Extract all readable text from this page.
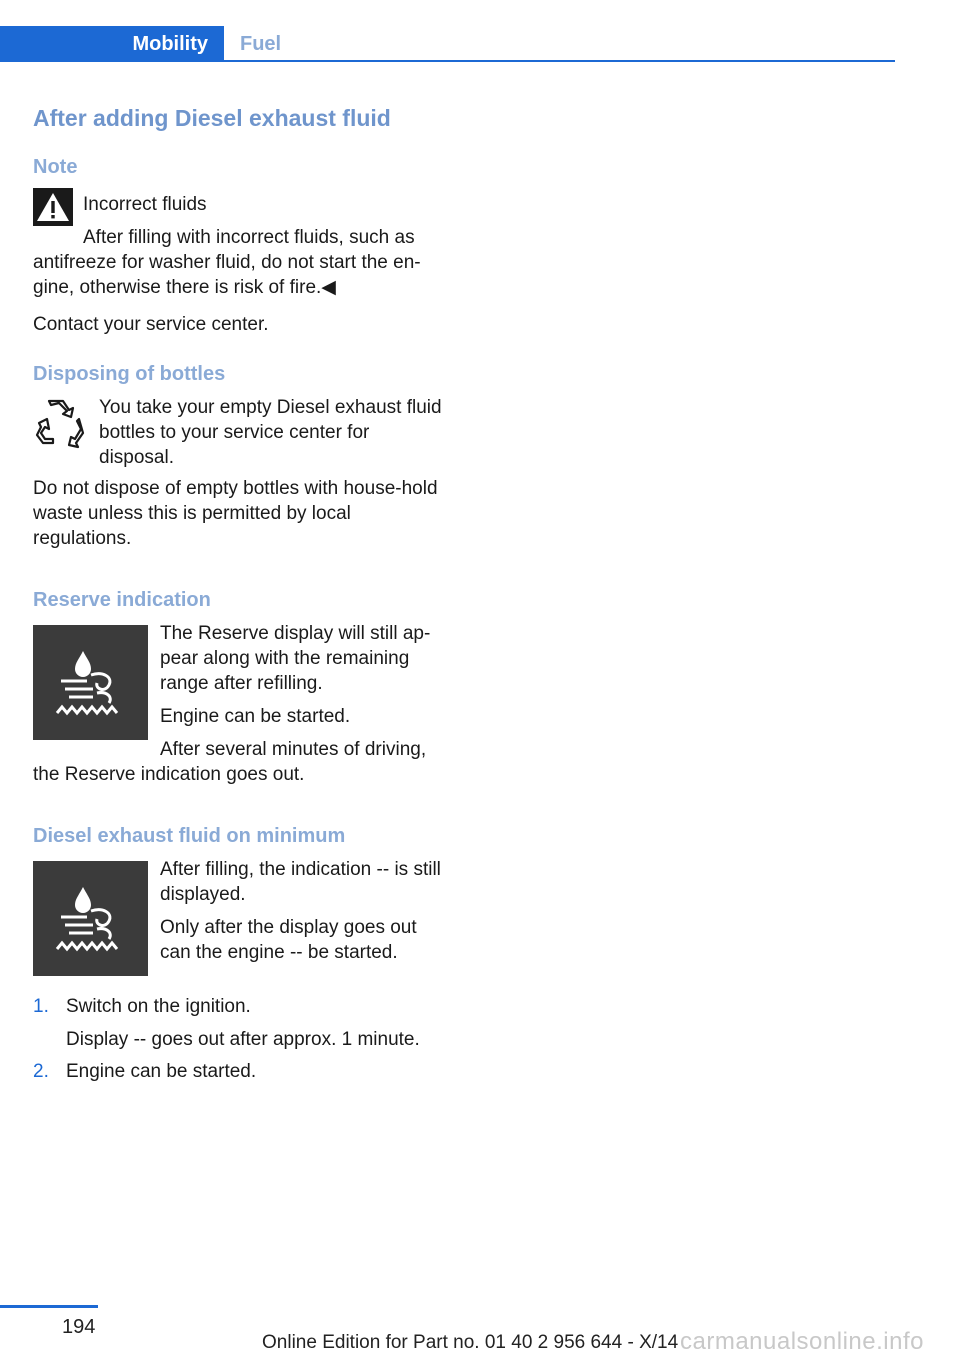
Mobility	Fuel
After adding Diesel exhaust fluid
Note

Incorrect fluids

After filling with incorrect fluids, such as antifreeze for washer fluid, do not start the en-gine, otherwise there is risk of fire.◀

Contact your service center.

Disposing of bottles

You take your empty Diesel exhaust fluid bottles to your service center for disposal.

Do not dispose of empty bottles with house-hold waste unless this is permitted by local regulations.

Reserve indication

The Reserve display will still ap-pear along with the remaining range after refilling.

Engine can be started.

After several minutes of driving, the Reserve indication goes out.

Diesel exhaust fluid on minimum

After filling, the indication -- is still displayed.

Only after the display goes out can the engine -- be started.

1. Switch on the ignition.

Display -- goes out after approx. 1 minute.

2. Engine can be started.

194
Online Edition for Part no. 01 40 2 956 644 - X/14 carmanualsonline.info
